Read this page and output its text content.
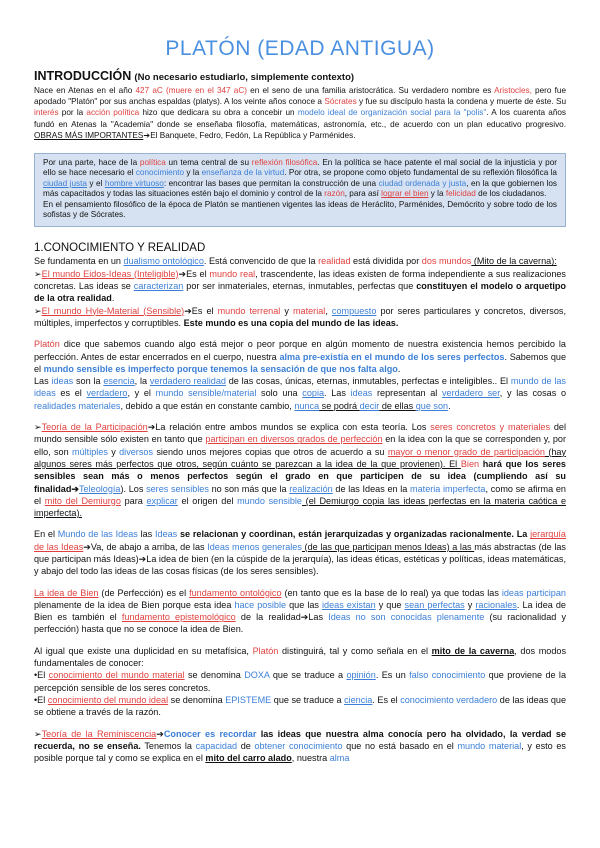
PLATÓN (EDAD ANTIGUA)
INTRODUCCIÓN (No necesario estudiarlo, simplemente contexto)

Nace en Atenas en el año 427 aC (muere en el 347 aC) en el seno de una familia aristocrática. Su verdadero nombre es Aristocles, pero fue apodado "Platón" por sus anchas espaldas (platys). A los veinte años conoce a Sócrates y fue su discípulo hasta la condena y muerte de éste. Su interés por la acción política hizo que dedicara su obra a concebir un modelo ideal de organización social para la "polis". A los cuarenta años fundó en Atenas la "Academia" donde se enseñaba filosofía, matemáticas, astronomía, etc., de acuerdo con un plan educativo progresivo. OBRAS MÁS IMPORTANTES➔El Banquete, Fedro, Fedón, La República y Parménides.

Por una parte, hace de la política un tema central de su reflexión filosófica. En la política se hace patente el mal social de la injusticia y por ello se hace necesario el conocimiento y la enseñanza de la virtud. Por otra, se propone como objeto fundamental de su reflexión filosófica la ciudad justa y el hombre virtuoso: encontrar las bases que permitan la construcción de una ciudad ordenada y justa, en la que gobiernen los más capacitados y todas las situaciones estén bajo el dominio y control de la razón, para así lograr el bien y la felicidad de los ciudadanos.

En el pensamiento filosófico de la época de Platón se mantienen vigentes las ideas de Heráclito, Parménides, Demócrito y sobre todo de los sofistas y de Sócrates.

1.CONOCIMIENTO Y REALIDAD

Se fundamenta en un dualismo ontológico. Está convencido de que la realidad está dividida por dos mundos (Mito de la caverna):
➢El mundo Eidos-Ideas (Inteligible)➔Es el mundo real, trascendente, las ideas existen de forma independiente a sus realizaciones concretas. Las ideas se caracterizan por ser inmateriales, eternas, inmutables, perfectas que constituyen el modelo o arquetipo de la otra realidad.
➢El mundo Hyle-Material (Sensible)➔Es el mundo terrenal y material, compuesto por seres particulares y concretos, diversos, múltiples, imperfectos y corruptibles. Este mundo es una copia del mundo de las ideas.

Platón dice que sabemos cuando algo está mejor o peor porque en algún momento de nuestra existencia hemos percibido la perfección. Antes de estar encerrados en el cuerpo, nuestra alma pre-existía en el mundo de los seres perfectos. Sabemos que el mundo sensible es imperfecto porque tenemos la sensación de que nos falta algo.
Las ideas son la esencia, la verdadero realidad de las cosas, únicas, eternas, inmutables, perfectas e inteligibles.. El mundo de las ideas es el verdadero, y el mundo sensible/material solo una copia. Las ideas representan al verdadero ser, y las cosas o realidades materiales, debido a que están en constante cambio, nunca se podrá decir de ellas que son.

➢Teoría de la Participación➔La relación entre ambos mundos se explica con esta teoría. Los seres concretos y materiales del mundo sensible sólo existen en tanto que participan en diversos grados de perfección en la idea con la que se corresponden y, por ello, son múltiples y diversos siendo unos mejores copias que otros de acuerdo a su mayor o menor grado de participación (hay algunos seres más perfectos que otros, según cuánto se parezcan a la idea de la que provienen). El Bien hará que los seres sensibles sean más o menos perfectos según el grado en que participen de su idea (cumpliendo así su finalidad➔Teleología). Los seres sensibles no son más que la realización de las Ideas en la materia imperfecta, como se afirma en el mito del Demiurgo para explicar el origen del mundo sensible (el Demiurgo copia las ideas perfectas en la materia caótica e imperfecta).

En el Mundo de las Ideas las Ideas se relacionan y coordinan, están jerarquizadas y organizadas racionalmente. La jerarquía de las Ideas➔Va, de abajo a arriba, de las Ideas menos generales (de las que participan menos Ideas) a las más abstractas (de las que participan más Ideas)➔La idea de bien (en la cúspide de la jerarquía), las ideas éticas, estéticas y políticas, ideas matemáticas, y abajo del todo las ideas de las cosas físicas (de los seres sensibles).

La idea de Bien (de Perfección) es el fundamento ontológico (en tanto que es la base de lo real) ya que todas las ideas participan plenamente de la idea de Bien porque esta idea hace posible que las ideas existan y que sean perfectas y racionales. La idea de Bien es también el fundamento epistemológico de la realidad➔Las Ideas no son conocidas plenamente (su racionalidad y perfección) hasta que no se conoce la idea de Bien.

Al igual que existe una duplicidad en su metafísica, Platón distinguirá, tal y como señala en el mito de la caverna, dos modos fundamentales de conocer:
•El conocimiento del mundo material se denomina DOXA que se traduce a opinión. Es un falso conocimiento que proviene de la percepción sensible de los seres concretos.
•El conocimiento del mundo ideal se denomina EPISTEME que se traduce a ciencia. Es el conocimiento verdadero de las ideas que se obtiene a través de la razón.

➢Teoría de la Reminiscencia➔Conocer es recordar las ideas que nuestra alma conocía pero ha olvidado, la verdad se recuerda, no se enseña. Tenemos la capacidad de obtener conocimiento que no está basado en el mundo material, y esto es posible porque tal y como se explica en el mito del carro alado, nuestra alma
